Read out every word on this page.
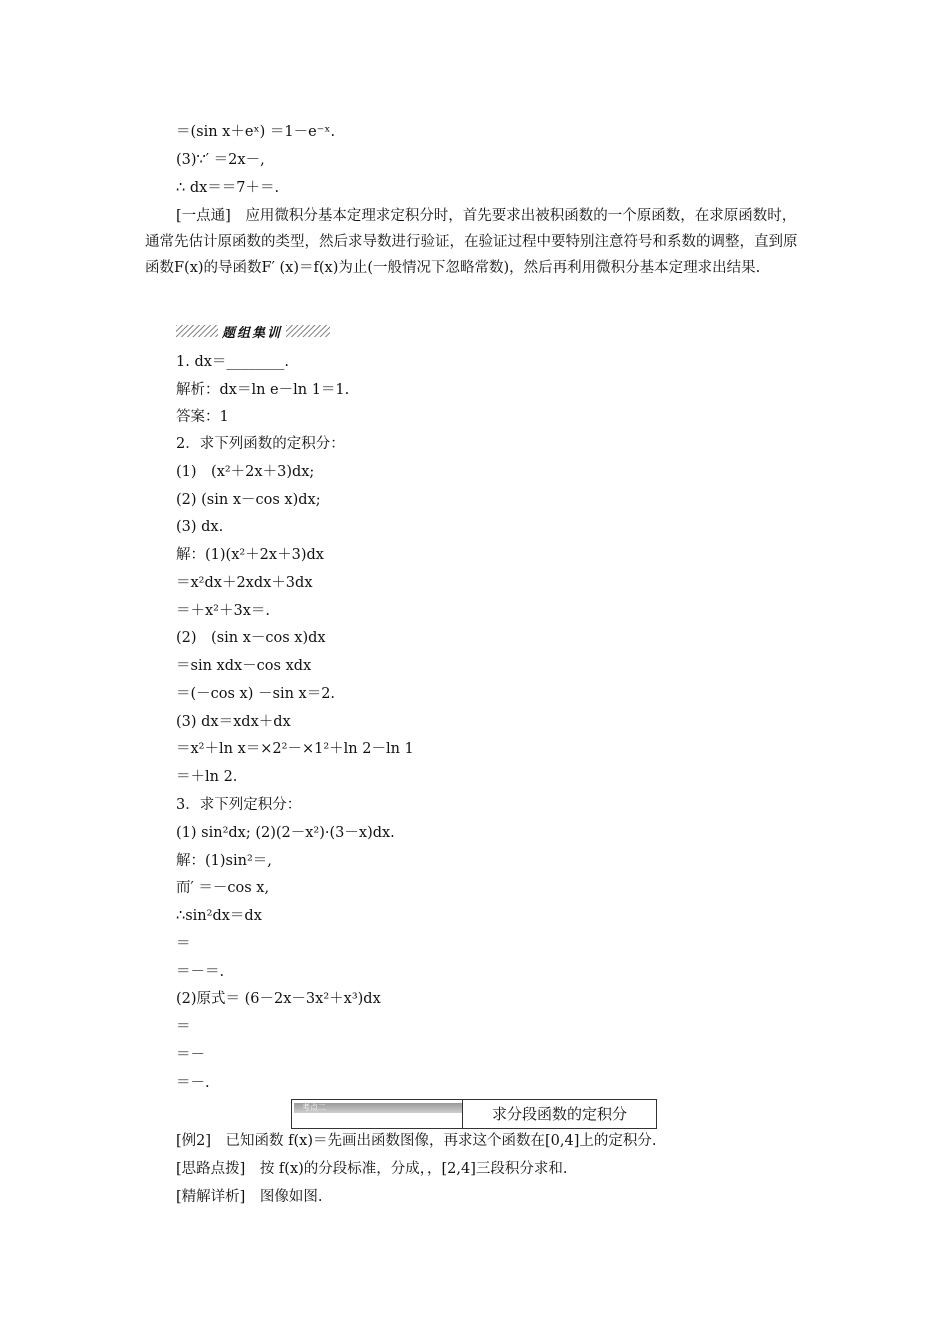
＝(sin x＋eˣ) ＝1－e⁻ˣ.
(3)∵′ ＝2x－,
∴ dx＝＝7＋＝.
[一点通]　应用微积分基本定理求定积分时，首先要求出被积函数的一个原函数，在求原函数时，通常先估计原函数的类型，然后求导数进行验证，在验证过程中要特别注意符号和系数的调整，直到原函数F(x)的导函数F′ (x)＝f(x)为止(一般情况下忽略常数)，然后再利用微积分基本定理求出结果.
题组集训
1. dx＝________.
解析：dx＝ln e－ln 1＝1.
答案：1
2．求下列函数的定积分：
(1)　(x²＋2x＋3)dx;
(2) (sin x－cos x)dx;
(3) dx.
解：(1)(x²＋2x＋3)dx
＝x²dx＋2xdx＋3dx
＝＋x²＋3x＝.
(2)　(sin x－cos x)dx
＝sin xdx－cos xdx
＝(－cos x) －sin x＝2.
(3) dx＝xdx＋dx
＝x²＋ln x＝×2²－×1²＋ln 2－ln 1
＝＋ln 2.
3．求下列定积分：
(1) sin²dx; (2)(2－x²)·(3－x)dx.
解：(1)sin²＝,
而′ ＝－cos x,
∴sin²dx＝dx
＝
＝－＝.
(2)原式＝ (6－2x－3x²＋x³)dx
＝
＝－
＝－.
考点二	求分段函数的定积分
[例2]　已知函数 f(x)＝先画出函数图像，再求这个函数在[0,4]上的定积分.
[思路点拨]　按 f(x)的分段标准，分成，，[2,4]三段积分求和.
[精解详析]　图像如图.
